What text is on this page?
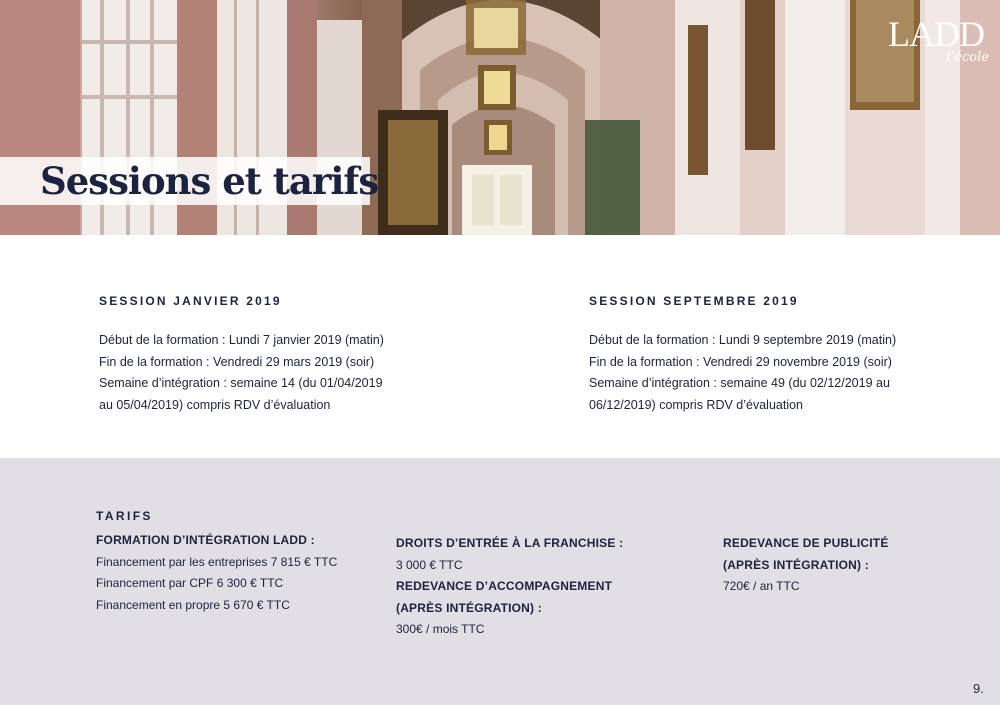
Sessions et tarifs
LADD
l’école
SESSION JANVIER 2019

Début de la formation : Lundi 7 janvier 2019 (matin)

Fin de la formation : Vendredi 29 mars 2019 (soir)

Semaine d’intégration : semaine 14 (du 01/04/2019

au 05/04/2019) compris RDV d’évaluation

SESSION SEPTEMBRE 2019

Début de la formation : Lundi 9 septembre 2019 (matin)

Fin de la formation : Vendredi 29 novembre 2019 (soir)

Semaine d’intégration : semaine 49 (du 02/12/2019 au

06/12/2019) compris RDV d’évaluation

TARIFS
FORMATION D’INTÉGRATION LADD :
Financement par les entreprises 7 815 € TTC
Financement par CPF 6 300 € TTC
Financement en propre 5 670 € TTC
DROITS D’ENTRÉE À LA FRANCHISE :
3 000 € TTC
REDEVANCE D’ACCOMPAGNEMENT
(APRÈS INTÉGRATION) :
300€ / mois TTC
REDEVANCE DE PUBLICITÉ
(APRÈS INTÉGRATION) :
720€ / an TTC
9.
